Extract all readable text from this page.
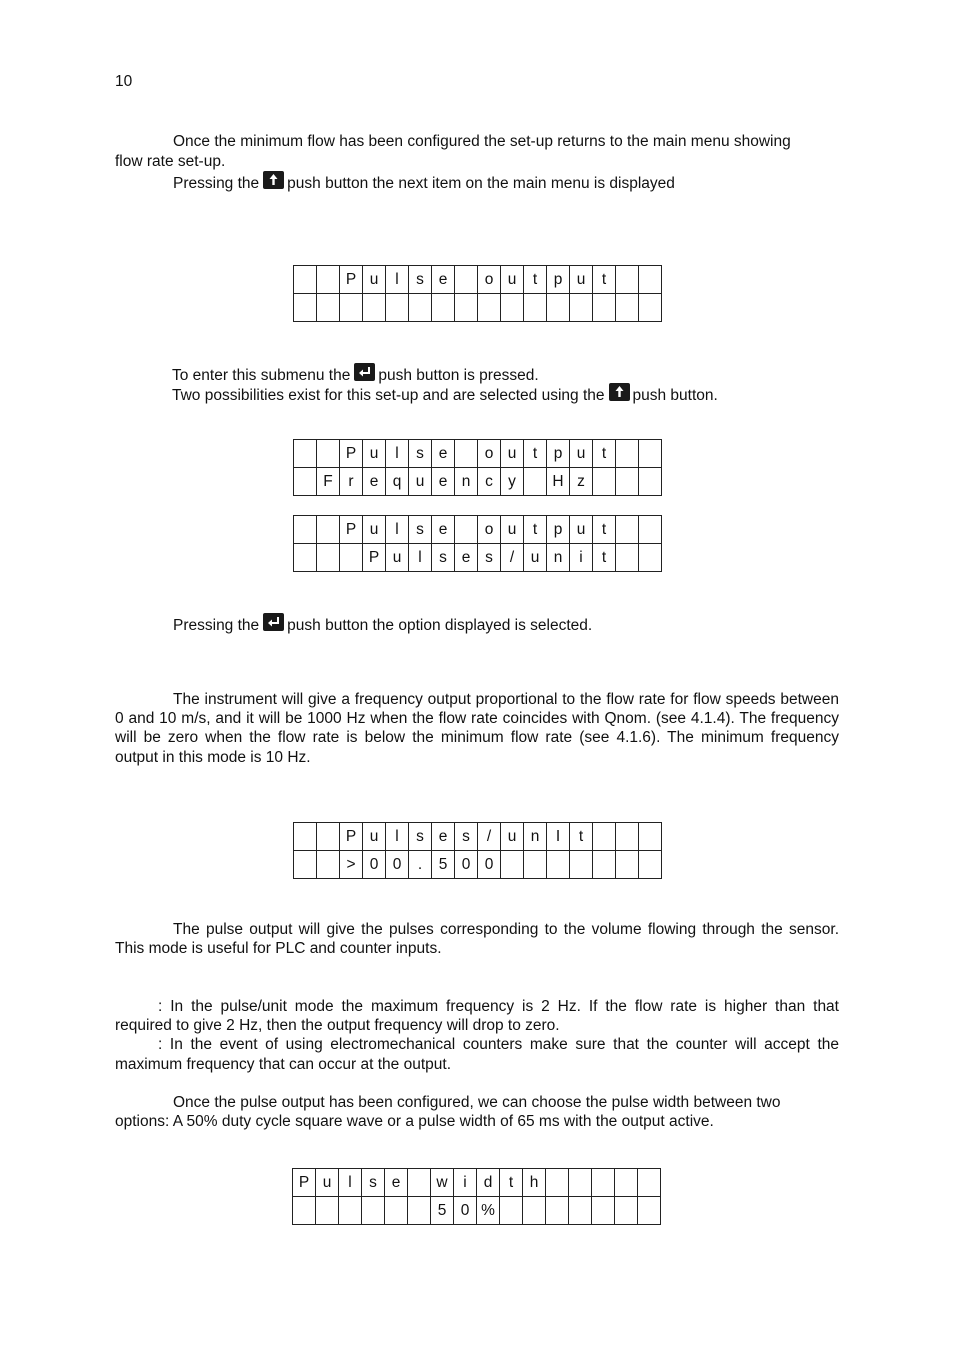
10
Once the minimum flow has been configured the set-up returns to the main menu showing
flow rate set-up.
Pressing the push button the next item on the main menu is displayed
		P	u	l	s	e		o	u	t	p	u	t		

To enter this submenu the push button is pressed.
Two possibilities exist for this set-up and are selected using the push button.
		P	u	l	s	e		o	u	t	p	u	t		
	F	r	e	q	u	e	n	c	y		H	z			
		P	u	l	s	e		o	u	t	p	u	t		
			P	u	l	s	e	s	/	u	n	i	t		
Pressing the push button the option displayed is selected.
The instrument will give a frequency output proportional to the flow rate for flow speeds between
0 and 10 m/s, and it will be 1000 Hz when the flow rate coincides with Qnom. (see 4.1.4). The frequency
will be zero when the flow rate is below the minimum flow rate (see 4.1.6). The minimum frequency
output in this mode is 10 Hz.
		P	u	l	s	e	s	/	u	n	I	t			
		>	0	0	.	5	0	0							
The pulse output will give the pulses corresponding to the volume flowing through the sensor.
This mode is useful for PLC and counter inputs.
: In the pulse/unit mode the maximum frequency is 2 Hz. If the flow rate is higher than that
required to give 2 Hz, then the output frequency will drop to zero.
: In the event of using electromechanical counters make sure that the counter will accept the
maximum frequency that can occur at the output.
Once the pulse output has been configured, we can choose the pulse width between two
options: A 50% duty cycle square wave or a pulse width of 65 ms with the output active.
P	u	l	s	e		w	i	d	t	h					
						5	0	%							
